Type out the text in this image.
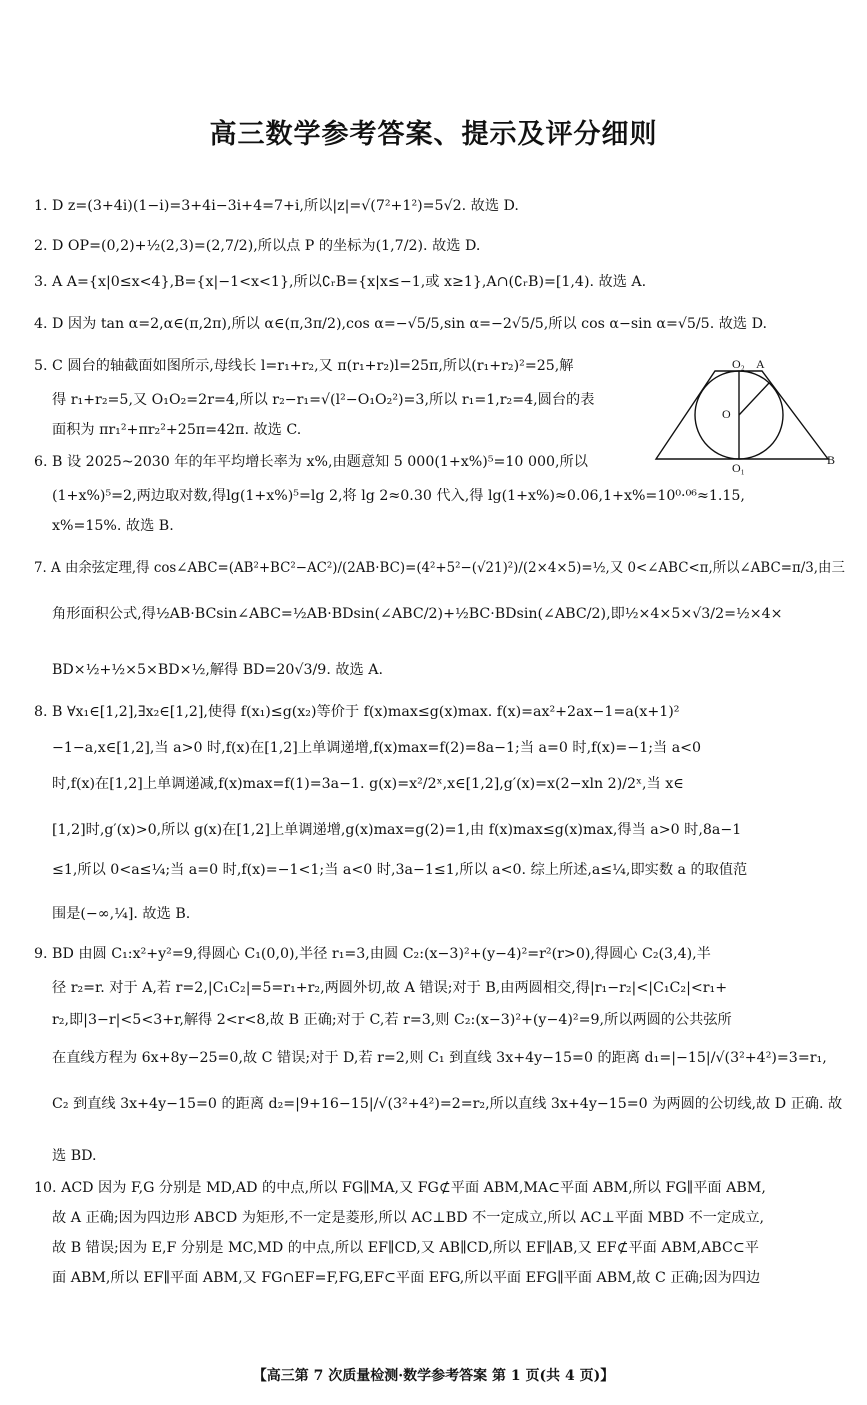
高三数学参考答案、提示及评分细则
1. D z=(3+4i)(1−i)=3+4i−3i+4=7+i,所以|z|=√(7²+1²)=5√2. 故选 D.
2. D OP=(0,2)+½(2,3)=(2,7/2),所以点 P 的坐标为(1,7/2). 故选 D.
3. A A={x|0≤x<4},B={x|−1<x<1},所以∁ᵣB={x|x≤−1,或 x≥1},A∩(∁ᵣB)=[1,4). 故选 A.
4. D 因为 tan α=2,α∈(π,2π),所以 α∈(π,3π/2),cos α=−√5/5,sin α=−2√5/5,所以 cos α−sin α=√5/5. 故选 D.
5. C 圆台的轴截面如图所示,母线长 l=r₁+r₂,又 π(r₁+r₂)l=25π,所以(r₁+r₂)²=25,解
得 r₁+r₂=5,又 O₁O₂=2r=4,所以 r₂−r₁=√(l²−O₁O₂²)=3,所以 r₁=1,r₂=4,圆台的表
面积为 πr₁²+πr₂²+25π=42π. 故选 C.
6. B 设 2025~2030 年的年平均增长率为 x%,由题意知 5 000(1+x%)⁵=10 000,所以
(1+x%)⁵=2,两边取对数,得lg(1+x%)⁵=lg 2,将 lg 2≈0.30 代入,得 lg(1+x%)≈0.06,1+x%=10⁰·⁰⁶≈1.15,
x%=15%. 故选 B.
7. A 由余弦定理,得 cos∠ABC=(AB²+BC²−AC²)/(2AB·BC)=(4²+5²−(√21)²)/(2×4×5)=½,又 0<∠ABC<π,所以∠ABC=π/3,由三
角形面积公式,得½AB·BCsin∠ABC=½AB·BDsin(∠ABC/2)+½BC·BDsin(∠ABC/2),即½×4×5×√3/2=½×4×
BD×½+½×5×BD×½,解得 BD=20√3/9. 故选 A.
8. B ∀x₁∈[1,2],∃x₂∈[1,2],使得 f(x₁)≤g(x₂)等价于 f(x)max≤g(x)max. f(x)=ax²+2ax−1=a(x+1)²
−1−a,x∈[1,2],当 a>0 时,f(x)在[1,2]上单调递增,f(x)max=f(2)=8a−1;当 a=0 时,f(x)=−1;当 a<0
时,f(x)在[1,2]上单调递减,f(x)max=f(1)=3a−1. g(x)=x²/2ˣ,x∈[1,2],g′(x)=x(2−xln 2)/2ˣ,当 x∈
[1,2]时,g′(x)>0,所以 g(x)在[1,2]上单调递增,g(x)max=g(2)=1,由 f(x)max≤g(x)max,得当 a>0 时,8a−1
≤1,所以 0<a≤¼;当 a=0 时,f(x)=−1<1;当 a<0 时,3a−1≤1,所以 a<0. 综上所述,a≤¼,即实数 a 的取值范
围是(−∞,¼]. 故选 B.
9. BD 由圆 C₁:x²+y²=9,得圆心 C₁(0,0),半径 r₁=3,由圆 C₂:(x−3)²+(y−4)²=r²(r>0),得圆心 C₂(3,4),半
径 r₂=r. 对于 A,若 r=2,|C₁C₂|=5=r₁+r₂,两圆外切,故 A 错误;对于 B,由两圆相交,得|r₁−r₂|<|C₁C₂|<r₁+
r₂,即|3−r|<5<3+r,解得 2<r<8,故 B 正确;对于 C,若 r=3,则 C₂:(x−3)²+(y−4)²=9,所以两圆的公共弦所
在直线方程为 6x+8y−25=0,故 C 错误;对于 D,若 r=2,则 C₁ 到直线 3x+4y−15=0 的距离 d₁=|−15|/√(3²+4²)=3=r₁,
C₂ 到直线 3x+4y−15=0 的距离 d₂=|9+16−15|/√(3²+4²)=2=r₂,所以直线 3x+4y−15=0 为两圆的公切线,故 D 正确. 故
选 BD.
10. ACD 因为 F,G 分别是 MD,AD 的中点,所以 FG∥MA,又 FG⊄平面 ABM,MA⊂平面 ABM,所以 FG∥平面 ABM,
故 A 正确;因为四边形 ABCD 为矩形,不一定是菱形,所以 AC⊥BD 不一定成立,所以 AC⊥平面 MBD 不一定成立,
故 B 错误;因为 E,F 分别是 MC,MD 的中点,所以 EF∥CD,又 AB∥CD,所以 EF∥AB,又 EF⊄平面 ABM,ABC⊂平
面 ABM,所以 EF∥平面 ABM,又 FG∩EF=F,FG,EF⊂平面 EFG,所以平面 EFG∥平面 ABM,故 C 正确;因为四边
O₂ A
O
O₁
B
【高三第 7 次质量检测·数学参考答案 第 1 页(共 4 页)】
